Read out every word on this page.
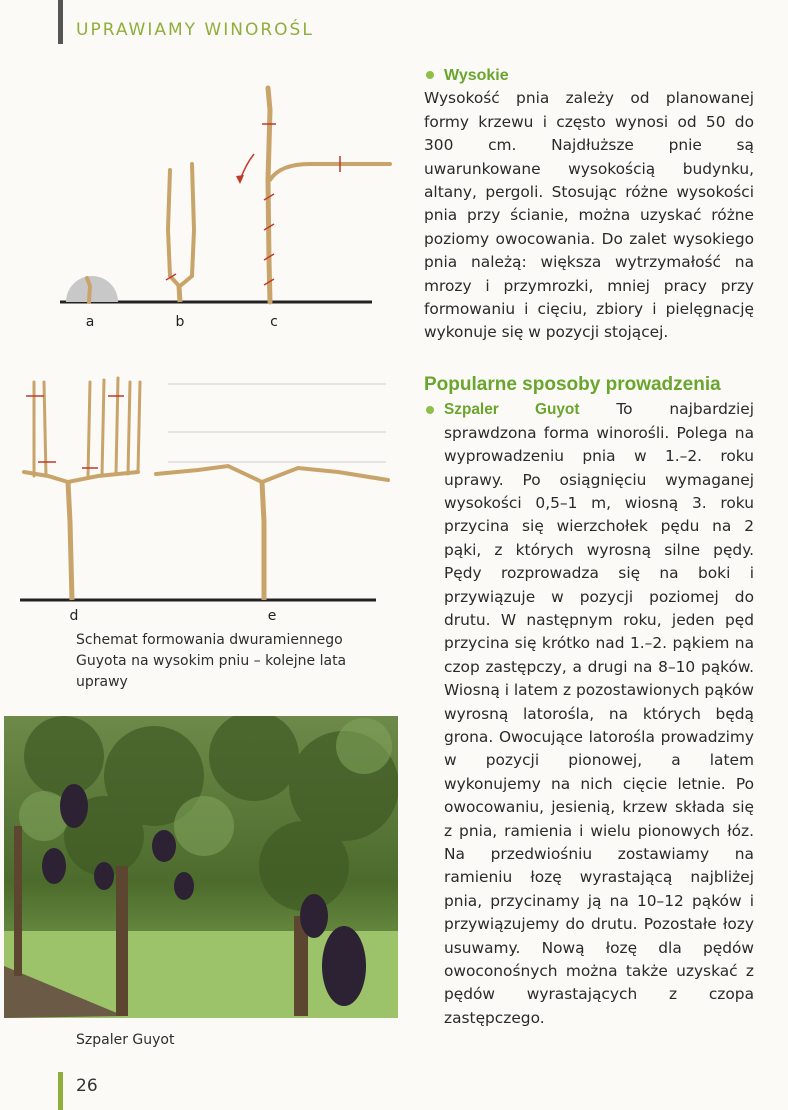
UPRAWIAMY WINOROŚL
a	b	c
d	e
Schemat formowania dwuramiennego Guyota na wysokim pniu – kolejne lata uprawy
Szpaler Guyot
Wysokie

Wysokość pnia zależy od planowanej formy krzewu i często wynosi od 50 do 300 cm. Najdłuższe pnie są uwarunkowane wysokością budynku, altany, pergoli. Stosując różne wysokości pnia przy ścianie, można uzyskać różne poziomy owocowania. Do zalet wysokiego pnia należą: większa wytrzymałość na mrozy i przymrozki, mniej pracy przy formowaniu i cięciu, zbiory i pielęgnację wykonuje się w pozycji stojącej.

Popularne sposoby prowadzenia

Szpaler Guyot To najbardziej sprawdzona forma winorośli. Polega na wyprowadzeniu pnia w 1.–2. roku uprawy. Po osiągnięciu wymaganej wysokości 0,5–1 m, wiosną 3. roku przycina się wierzchołek pędu na 2 pąki, z których wyrosną silne pędy. Pędy rozprowadza się na boki i przywiązuje w pozycji poziomej do drutu. W następnym roku, jeden pęd przycina się krótko nad 1.–2. pąkiem na czop zastępczy, a drugi na 8–10 pąków. Wiosną i latem z pozostawionych pąków wyrosną latorośla, na których będą grona. Owocujące latorośla prowadzimy w pozycji pionowej, a latem wykonujemy na nich cięcie letnie. Po owocowaniu, jesienią, krzew składa się z pnia, ramienia i wielu pionowych łóz. Na przedwiośniu zostawiamy na ramieniu łozę wyrastającą najbliżej pnia, przycinamy ją na 10–12 pąków i przywiązujemy do drutu. Pozostałe łozy usuwamy. Nową łozę dla pędów owoconośnych można także uzyskać z pędów wyrastających z czopa zastępczego.

26
